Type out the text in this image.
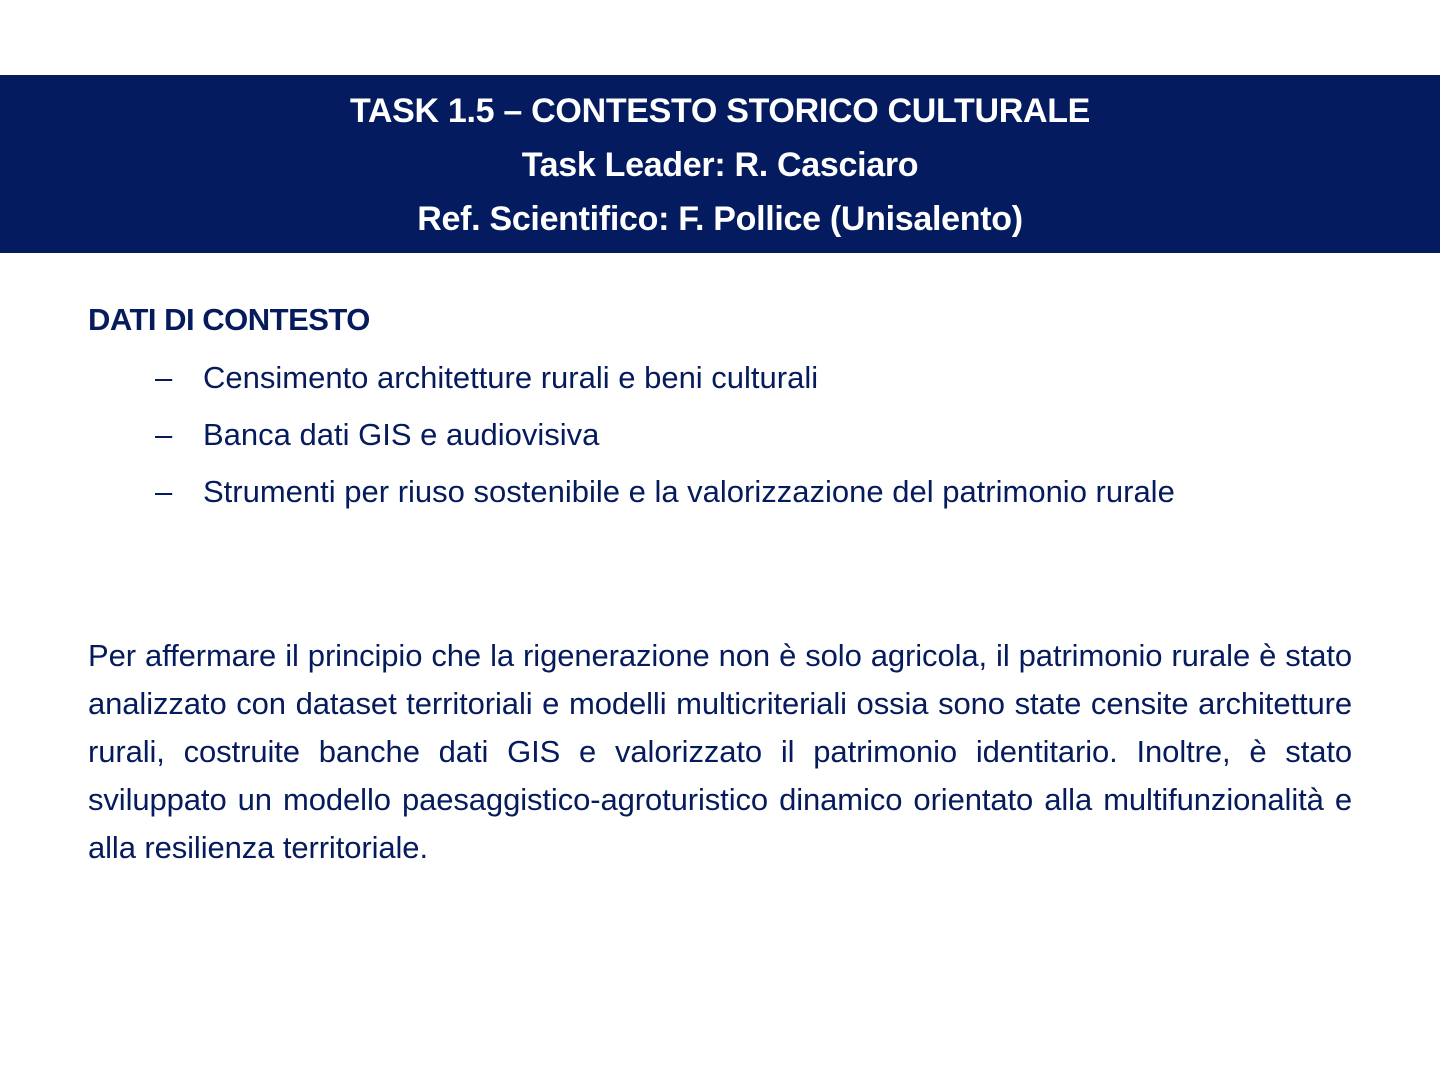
TASK 1.5 – CONTESTO STORICO CULTURALE
Task Leader: R. Casciaro
Ref. Scientifico: F. Pollice (Unisalento)
DATI DI CONTESTO
– Censimento architetture rurali e beni culturali
– Banca dati GIS e audiovisiva
– Strumenti per riuso sostenibile e la valorizzazione del patrimonio rurale

Per affermare il principio che la rigenerazione non è solo agricola, il patrimonio rurale è stato analizzato con dataset territoriali e modelli multicriteriali ossia sono state censite architetture rurali, costruite banche dati GIS e valorizzato il patrimonio identitario. Inoltre, è stato sviluppato un modello paesaggistico-agroturistico dinamico orientato alla multifunzionalità e alla resilienza territoriale.
